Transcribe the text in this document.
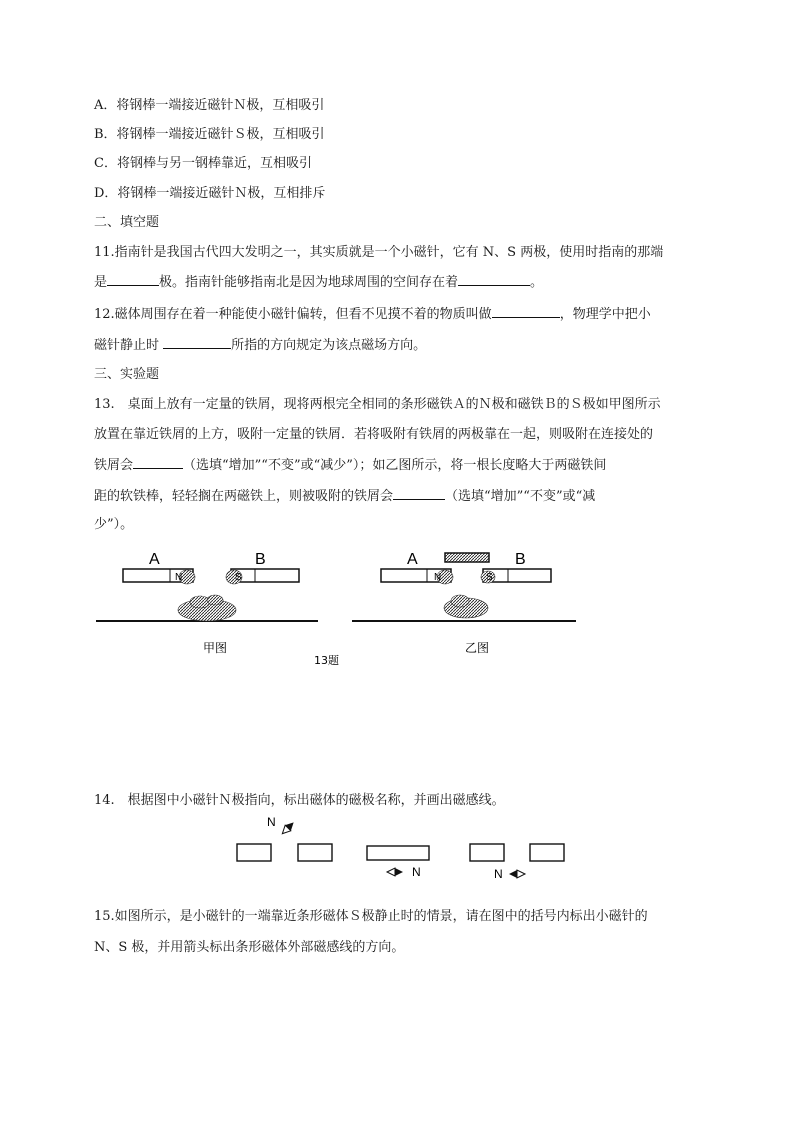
A．将钢棒一端接近磁针Ｎ极，互相吸引
B．将钢棒一端接近磁针Ｓ极，互相吸引
C．将钢棒与另一钢棒靠近，互相吸引
D．将钢棒一端接近磁针Ｎ极，互相排斥
二、填空题
11.指南针是我国古代四大发明之一，其实质就是一个小磁针，它有 N、S 两极，使用时指南的那端
是	极。指南针能够指南北是因为地球周围的空间存在着	。
12.磁体周围存在着一种能使小磁针偏转，但看不见摸不着的物质叫做	，物理学中把小
磁针静止时	所指的方向规定为该点磁场方向。
三、实验题
13.　桌面上放有一定量的铁屑，现将两根完全相同的条形磁铁Ａ的Ｎ极和磁铁Ｂ的Ｓ极如甲图所示
放置在靠近铁屑的上方，吸附一定量的铁屑．若将吸附有铁屑的两极靠在一起，则吸附在连接处的
铁屑会	（选填“增加”“不变”或“减少”）；如乙图所示，将一根长度略大于两磁铁间
距的软铁棒，轻轻搁在两磁铁上，则被吸附的铁屑会	（选填“增加”“不变”或“减
少”）。
A	B
N	S
甲图
A	B
N	S
乙图
13题
14.　根据图中小磁针Ｎ极指向，标出磁体的磁极名称，并画出磁感线。
N
N	N
15.如图所示，是小磁针的一端靠近条形磁体Ｓ极静止时的情景，请在图中的括号内标出小磁针的
N、S 极，并用箭头标出条形磁体外部磁感线的方向。
